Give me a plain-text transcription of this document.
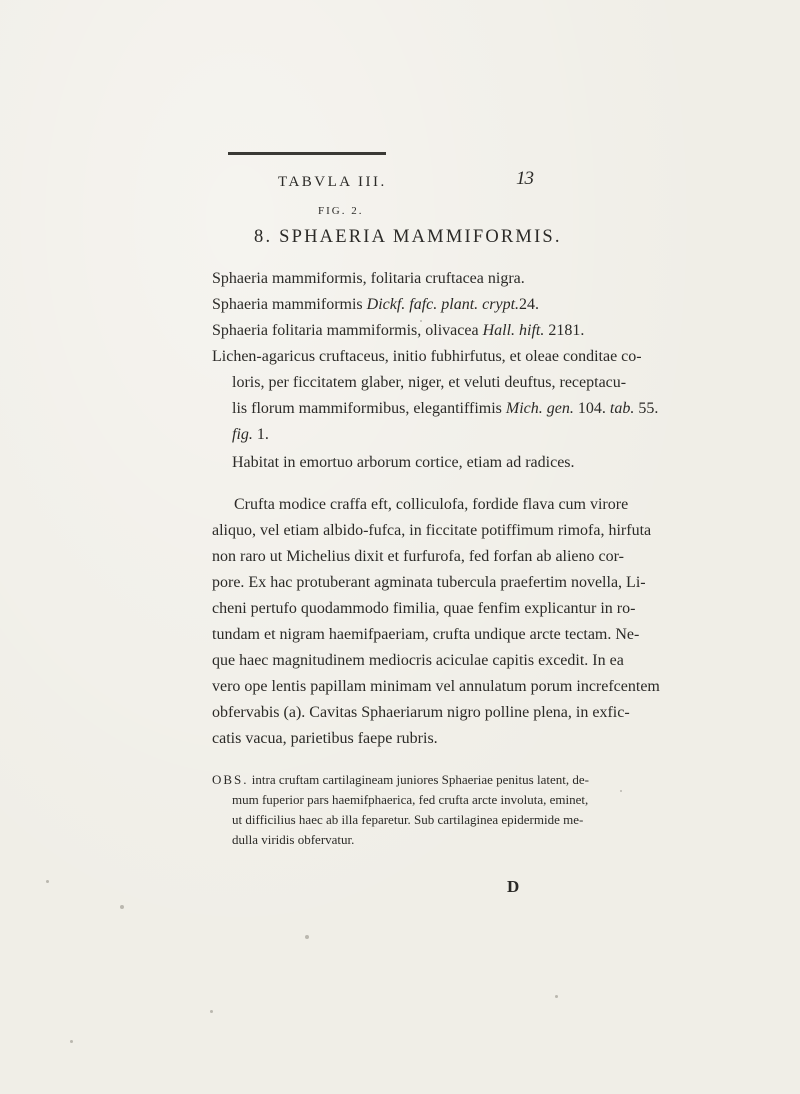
13
TABVLA III.
FIG. 2.
8. SPHAERIA MAMMIFORMIS.
Sphaeria mammiformis, folitaria cruftacea nigra.
Sphaeria mammiformis Dickf. fafc. plant. crypt.24.
Sphaeria folitaria mammiformis, olivacea Hall. hift. 2181.
Lichen-agaricus cruftaceus, initio fubhirfutus, et oleae conditae co-
loris, per ficcitatem glaber, niger, et veluti deuftus, receptacu-
lis florum mammiformibus, elegantiffimis Mich. gen. 104. tab. 55.
fig. 1.
Habitat in emortuo arborum cortice, etiam ad radices.
Crufta modice craffa eft, colliculofa, fordide flava cum virore
aliquo, vel etiam albido-fufca, in ficcitate potiffimum rimofa, hirfuta
non raro ut Michelius dixit et furfurofa, fed forfan ab alieno cor-
pore. Ex hac protuberant agminata tubercula praefertim novella, Li-
cheni pertufo quodammodo fimilia, quae fenfim explicantur in ro-
tundam et nigram haemifpaeriam, crufta undique arcte tectam. Ne-
que haec magnitudinem mediocris aciculae capitis excedit. In ea
vero ope lentis papillam minimam vel annulatum porum increfcentem
obfervabis (a). Cavitas Sphaeriarum nigro polline plena, in exfic-
catis vacua, parietibus faepe rubris.
OBS. intra cruftam cartilagineam juniores Sphaeriae penitus latent, de-
mum fuperior pars haemifphaerica, fed crufta arcte involuta, eminet,
ut difficilius haec ab illa feparetur. Sub cartilaginea epidermide me-
dulla viridis obfervatur.
D
